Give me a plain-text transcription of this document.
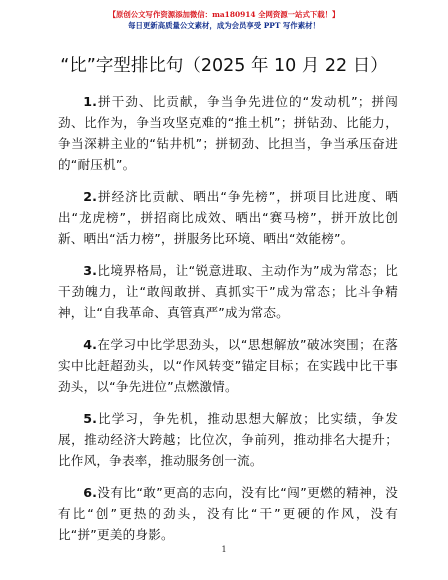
【原创公文写作资源添加微信：ma180914 全网资源一站式下载！】
每日更新高质量公文素材，成为会员享受 PPT 写作素材！
“比”字型排比句（2025 年 10 月 22 日）

1.拼干劲、比贡献，争当争先进位的“发动机”；拼闯劲、比作为，争当攻坚克难的“推土机”；拼钻劲、比能力，争当深耕主业的“钻井机”；拼韧劲、比担当，争当承压奋进的“耐压机”。

2.拼经济比贡献、晒出“争先榜”，拼项目比进度、晒出“龙虎榜”，拼招商比成效、晒出“赛马榜”，拼开放比创新、晒出“活力榜”，拼服务比环境、晒出“效能榜”。

3.比境界格局，让“锐意进取、主动作为”成为常态；比干劲魄力，让“敢闯敢拼、真抓实干”成为常态；比斗争精神，让“自我革命、真管真严”成为常态。

4.在学习中比学思劲头，以“思想解放”破冰突围；在落实中比赶超劲头，以“作风转变”锚定目标；在实践中比干事劲头，以“争先进位”点燃激情。

5.比学习，争先机，推动思想大解放；比实绩，争发展，推动经济大跨越；比位次，争前列，推动排名大提升；比作风，争表率，推动服务创一流。

6.没有比“敢”更高的志向，没有比“闯”更燃的精神，没有比“创”更热的劲头，没有比“干”更硬的作风，没有比“拼”更美的身影。

1
